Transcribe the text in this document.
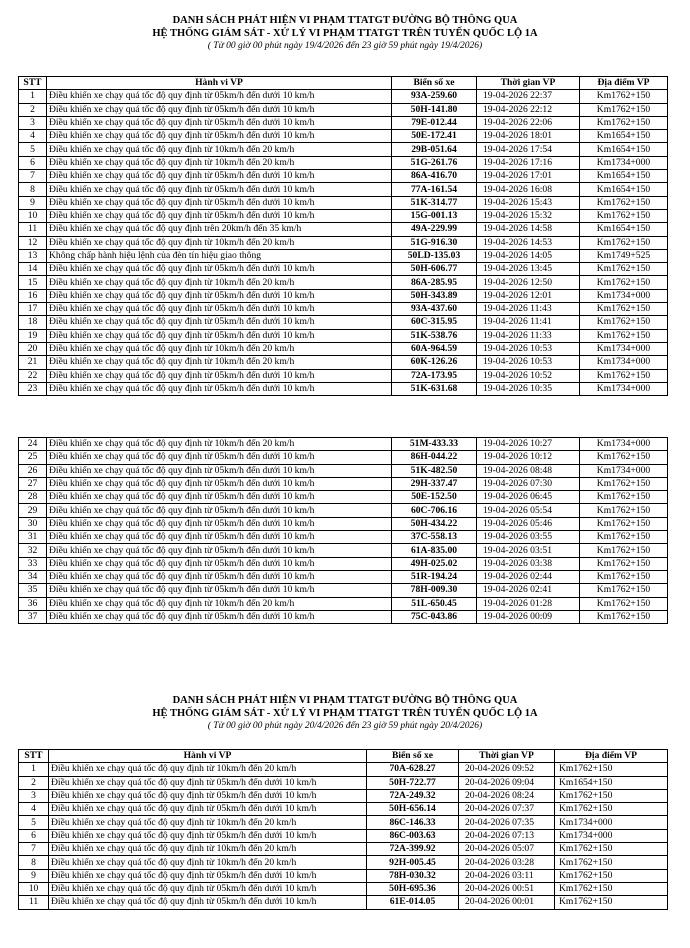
DANH SÁCH PHÁT HIỆN VI PHẠM TTATGT ĐƯỜNG BỘ THÔNG QUA
HỆ THỐNG GIÁM SÁT - XỬ LÝ VI PHẠM TTATGT TRÊN TUYẾN QUỐC LỘ 1A
( Từ 00 giờ 00 phút ngày 19/4/2026 đến 23 giờ 59 phút ngày 19/4/2026)
STT	Hành vi VP	Biển số xe	Thời gian VP	Địa điểm VP
1	Điều khiển xe chạy quá tốc độ quy định từ 05km/h đến dưới 10 km/h	93A-259.60	19-04-2026 22:37	Km1762+150
2	Điều khiển xe chạy quá tốc độ quy định từ 05km/h đến dưới 10 km/h	50H-141.80	19-04-2026 22:12	Km1762+150
3	Điều khiển xe chạy quá tốc độ quy định từ 05km/h đến dưới 10 km/h	79E-012.44	19-04-2026 22:06	Km1762+150
4	Điều khiển xe chạy quá tốc độ quy định từ 05km/h đến dưới 10 km/h	50E-172.41	19-04-2026 18:01	Km1654+150
5	Điều khiển xe chạy quá tốc độ quy định từ 10km/h đến 20 km/h	29B-051.64	19-04-2026 17:54	Km1654+150
6	Điều khiển xe chạy quá tốc độ quy định từ 10km/h đến 20 km/h	51G-261.76	19-04-2026 17:16	Km1734+000
7	Điều khiển xe chạy quá tốc độ quy định từ 05km/h đến dưới 10 km/h	86A-416.70	19-04-2026 17:01	Km1654+150
8	Điều khiển xe chạy quá tốc độ quy định từ 05km/h đến dưới 10 km/h	77A-161.54	19-04-2026 16:08	Km1654+150
9	Điều khiển xe chạy quá tốc độ quy định từ 05km/h đến dưới 10 km/h	51K-314.77	19-04-2026 15:43	Km1762+150
10	Điều khiển xe chạy quá tốc độ quy định từ 05km/h đến dưới 10 km/h	15G-001.13	19-04-2026 15:32	Km1762+150
11	Điều khiển xe chạy quá tốc độ quy định trên 20km/h đến 35 km/h	49A-229.99	19-04-2026 14:58	Km1654+150
12	Điều khiển xe chạy quá tốc độ quy định từ 10km/h đến 20 km/h	51G-916.30	19-04-2026 14:53	Km1762+150
13	Không chấp hành hiệu lệnh của đèn tín hiệu giao thông	50LD-135.03	19-04-2026 14:05	Km1749+525
14	Điều khiển xe chạy quá tốc độ quy định từ 05km/h đến dưới 10 km/h	50H-606.77	19-04-2026 13:45	Km1762+150
15	Điều khiển xe chạy quá tốc độ quy định từ 10km/h đến 20 km/h	86A-285.95	19-04-2026 12:50	Km1762+150
16	Điều khiển xe chạy quá tốc độ quy định từ 05km/h đến dưới 10 km/h	50H-343.89	19-04-2026 12:01	Km1734+000
17	Điều khiển xe chạy quá tốc độ quy định từ 05km/h đến dưới 10 km/h	93A-437.60	19-04-2026 11:43	Km1762+150
18	Điều khiển xe chạy quá tốc độ quy định từ 05km/h đến dưới 10 km/h	60C-315.95	19-04-2026 11:41	Km1762+150
19	Điều khiển xe chạy quá tốc độ quy định từ 05km/h đến dưới 10 km/h	51K-538.76	19-04-2026 11:33	Km1762+150
20	Điều khiển xe chạy quá tốc độ quy định từ 10km/h đến 20 km/h	60A-964.59	19-04-2026 10:53	Km1734+000
21	Điều khiển xe chạy quá tốc độ quy định từ 10km/h đến 20 km/h	60K-126.26	19-04-2026 10:53	Km1734+000
22	Điều khiển xe chạy quá tốc độ quy định từ 05km/h đến dưới 10 km/h	72A-173.95	19-04-2026 10:52	Km1762+150
23	Điều khiển xe chạy quá tốc độ quy định từ 05km/h đến dưới 10 km/h	51K-631.68	19-04-2026 10:35	Km1734+000
24	Điều khiển xe chạy quá tốc độ quy định từ 10km/h đến 20 km/h	51M-433.33	19-04-2026 10:27	Km1734+000
25	Điều khiển xe chạy quá tốc độ quy định từ 05km/h đến dưới 10 km/h	86H-044.22	19-04-2026 10:12	Km1762+150
26	Điều khiển xe chạy quá tốc độ quy định từ 05km/h đến dưới 10 km/h	51K-482.50	19-04-2026 08:48	Km1734+000
27	Điều khiển xe chạy quá tốc độ quy định từ 05km/h đến dưới 10 km/h	29H-337.47	19-04-2026 07:30	Km1762+150
28	Điều khiển xe chạy quá tốc độ quy định từ 05km/h đến dưới 10 km/h	50E-152.50	19-04-2026 06:45	Km1762+150
29	Điều khiển xe chạy quá tốc độ quy định từ 05km/h đến dưới 10 km/h	60C-706.16	19-04-2026 05:54	Km1762+150
30	Điều khiển xe chạy quá tốc độ quy định từ 05km/h đến dưới 10 km/h	50H-434.22	19-04-2026 05:46	Km1762+150
31	Điều khiển xe chạy quá tốc độ quy định từ 05km/h đến dưới 10 km/h	37C-558.13	19-04-2026 03:55	Km1762+150
32	Điều khiển xe chạy quá tốc độ quy định từ 05km/h đến dưới 10 km/h	61A-835.00	19-04-2026 03:51	Km1762+150
33	Điều khiển xe chạy quá tốc độ quy định từ 05km/h đến dưới 10 km/h	49H-025.02	19-04-2026 03:38	Km1762+150
34	Điều khiển xe chạy quá tốc độ quy định từ 05km/h đến dưới 10 km/h	51R-194.24	19-04-2026 02:44	Km1762+150
35	Điều khiển xe chạy quá tốc độ quy định từ 05km/h đến dưới 10 km/h	78H-009.30	19-04-2026 02:41	Km1762+150
36	Điều khiển xe chạy quá tốc độ quy định từ 10km/h đến 20 km/h	51L-650.45	19-04-2026 01:28	Km1762+150
37	Điều khiển xe chạy quá tốc độ quy định từ 05km/h đến dưới 10 km/h	75C-043.86	19-04-2026 00:09	Km1762+150
DANH SÁCH PHÁT HIỆN VI PHẠM TTATGT ĐƯỜNG BỘ THÔNG QUA
HỆ THỐNG GIÁM SÁT - XỬ LÝ VI PHẠM TTATGT TRÊN TUYẾN QUỐC LỘ 1A
( Từ 00 giờ 00 phút ngày 20/4/2026 đến 23 giờ 59 phút ngày 20/4/2026)
STT	Hành vi VP	Biển số xe	Thời gian VP	Địa điểm VP
1	Điều khiển xe chạy quá tốc độ quy định từ 10km/h đến 20 km/h	70A-628.27	20-04-2026 09:52	Km1762+150
2	Điều khiển xe chạy quá tốc độ quy định từ 05km/h đến dưới 10 km/h	50H-722.77	20-04-2026 09:04	Km1654+150
3	Điều khiển xe chạy quá tốc độ quy định từ 05km/h đến dưới 10 km/h	72A-249.32	20-04-2026 08:24	Km1762+150
4	Điều khiển xe chạy quá tốc độ quy định từ 05km/h đến dưới 10 km/h	50H-656.14	20-04-2026 07:37	Km1762+150
5	Điều khiển xe chạy quá tốc độ quy định từ 10km/h đến 20 km/h	86C-146.33	20-04-2026 07:35	Km1734+000
6	Điều khiển xe chạy quá tốc độ quy định từ 05km/h đến dưới 10 km/h	86C-003.63	20-04-2026 07:13	Km1734+000
7	Điều khiển xe chạy quá tốc độ quy định từ 10km/h đến 20 km/h	72A-399.92	20-04-2026 05:07	Km1762+150
8	Điều khiển xe chạy quá tốc độ quy định từ 10km/h đến 20 km/h	92H-005.45	20-04-2026 03:28	Km1762+150
9	Điều khiển xe chạy quá tốc độ quy định từ 05km/h đến dưới 10 km/h	78H-030.32	20-04-2026 03:11	Km1762+150
10	Điều khiển xe chạy quá tốc độ quy định từ 05km/h đến dưới 10 km/h	50H-695.36	20-04-2026 00:51	Km1762+150
11	Điều khiển xe chạy quá tốc độ quy định từ 05km/h đến dưới 10 km/h	61E-014.05	20-04-2026 00:01	Km1762+150
